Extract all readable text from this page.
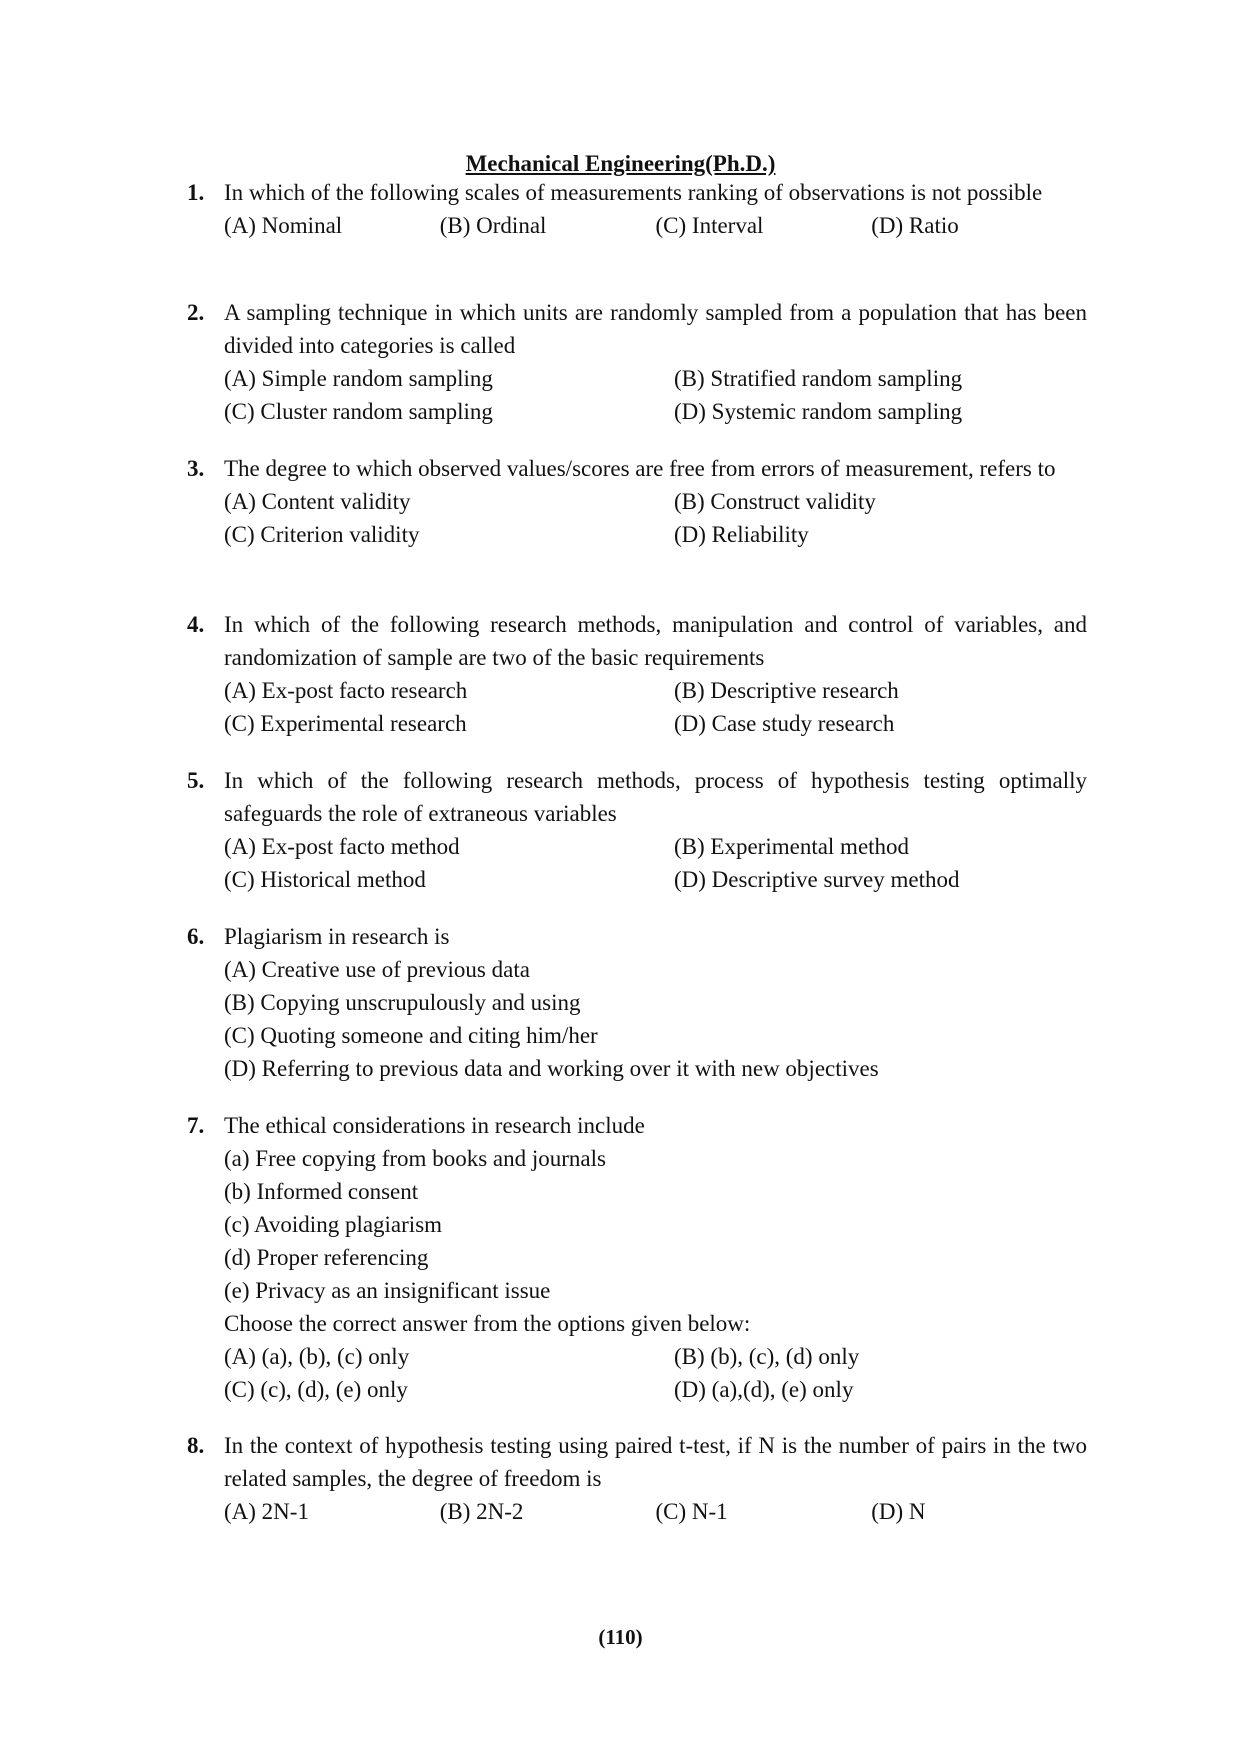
Mechanical Engineering(Ph.D.)
1. In which of the following scales of measurements ranking of observations is not possible
(A) Nominal	(B) Ordinal	(C) Interval	(D) Ratio
2. A sampling technique in which units are randomly sampled from a population that has been divided into categories is called
(A) Simple random sampling	(B) Stratified random sampling
(C) Cluster random sampling	(D) Systemic random sampling
3. The degree to which observed values/scores are free from errors of measurement, refers to
(A) Content validity	(B) Construct validity
(C) Criterion validity	(D) Reliability
4. In which of the following research methods, manipulation and control of variables, and randomization of sample are two of the basic requirements
(A) Ex-post facto research	(B) Descriptive research
(C) Experimental research	(D) Case study research
5. In which of the following research methods, process of hypothesis testing optimally safeguards the role of extraneous variables
(A) Ex-post facto method	(B) Experimental method
(C) Historical method	(D) Descriptive survey method
6. Plagiarism in research is
(A) Creative use of previous data
(B) Copying unscrupulously and using
(C) Quoting someone and citing him/her
(D) Referring to previous data and working over it with new objectives
7. The ethical considerations in research include
(a) Free copying from books and journals
(b) Informed consent
(c) Avoiding plagiarism
(d) Proper referencing
(e) Privacy as an insignificant issue
Choose the correct answer from the options given below:
(A) (a), (b), (c) only	(B) (b), (c), (d) only
(C) (c), (d), (e) only	(D) (a),(d), (e) only
8. In the context of hypothesis testing using paired t-test, if N is the number of pairs in the two related samples, the degree of freedom is
(A) 2N-1	(B) 2N-2	(C) N-1	(D) N
(110)
